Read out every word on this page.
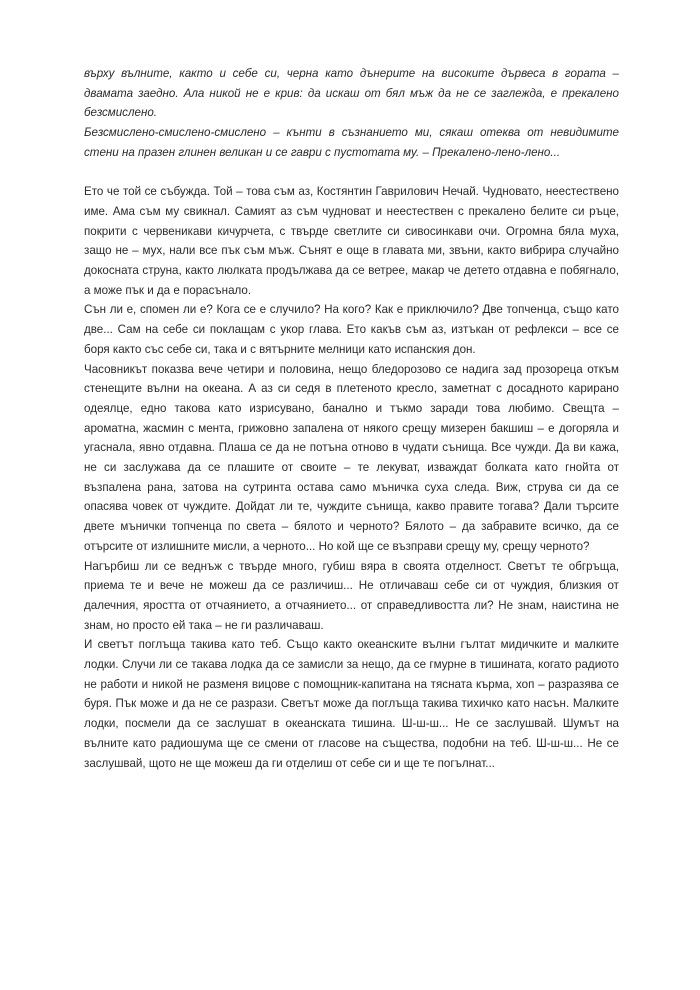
върху вълните, както и себе си, черна като дънерите на високите дървеса в гората – двамата заедно. Ала никой не е крив: да искаш от бял мъж да не се заглежда, е прекалено безсмислено.

Безсмислено-смислено-смислено – кънти в съзнанието ми, сякаш отеква от невидимите стени на празен глинен великан и се гаври с пустотата му. – Прекалено-лено-лено...

Ето че той се събужда. Той – това съм аз, Костянтин Гаврилович Нечай. Чудновато, неестествено име. Ама съм му свикнал. Самият аз съм чудноват и неестествен с прекалено белите си ръце, покрити с червеникави кичурчета, с твърде светлите си сивосинкави очи. Огромна бяла муха, защо не – мух, нали все пък съм мъж. Сънят е още в главата ми, звъни, както вибрира случайно докосната струна, както люлката продължава да се ветрее, макар че детето отдавна е побягнало, а може пък и да е порасънало.

Сън ли е, спомен ли е? Кога се е случило? На кого? Как е приключило? Две топченца, също като две... Сам на себе си поклащам с укор глава. Ето какъв съм аз, изтъкан от рефлекси – все се боря както със себе си, така и с вятърните мелници като испанския дон.

Часовникът показва вече четири и половина, нещо бледорозово се надига зад прозореца откъм стенещите вълни на океана. А аз си седя в плетеното кресло, заметнат с досадното карирано одеялце, едно такова като изрисувано, банално и тъкмо заради това любимо. Свещта – ароматна, жасмин с мента, грижовно запалена от някого срещу мизерен бакшиш – е догоряла и угаснала, явно отдавна. Плаша се да не потъна отново в чудати сънища. Все чужди. Да ви кажа, не си заслужава да се плашите от своите – те лекуват, изваждат болката като гнойта от възпалена рана, затова на сутринта остава само мъничка суха следа. Виж, струва си да се опасява човек от чуждите. Дойдат ли те, чуждите сънища, какво правите тогава? Дали търсите двете мънички топченца по света – бялото и черното? Бялото – да забравите всичко, да се отърсите от излишните мисли, а черното... Но кой ще се възправи срещу му, срещу черното?

Нагърбиш ли се веднъж с твърде много, губиш вяра в своята отделност. Светът те обгръща, приема те и вече не можеш да се различиш... Не отличаваш себе си от чуждия, близкия от далечния, яростта от отчаянието, а отчаянието... от справедливостта ли? Не знам, наистина не знам, но просто ей така – не ги различаваш.

И светът поглъща такива като теб. Също както океанските вълни гълтат мидичките и малките лодки. Случи ли се такава лодка да се замисли за нещо, да се гмурне в тишината, когато радиото не работи и никой не разменя вицове с помощник-капитана на тясната кърма, хоп – разразява се буря. Пък може и да не се разрази. Светът може да поглъща такива тихичко като насън. Малките лодки, посмели да се заслушат в океанската тишина. Ш-ш-ш... Не се заслушвай. Шумът на вълните като радиошума ще се смени от гласове на същества, подобни на теб. Ш-ш-ш... Не се заслушвай, щото не ще можеш да ги отделиш от себе си и ще те погълнат...
